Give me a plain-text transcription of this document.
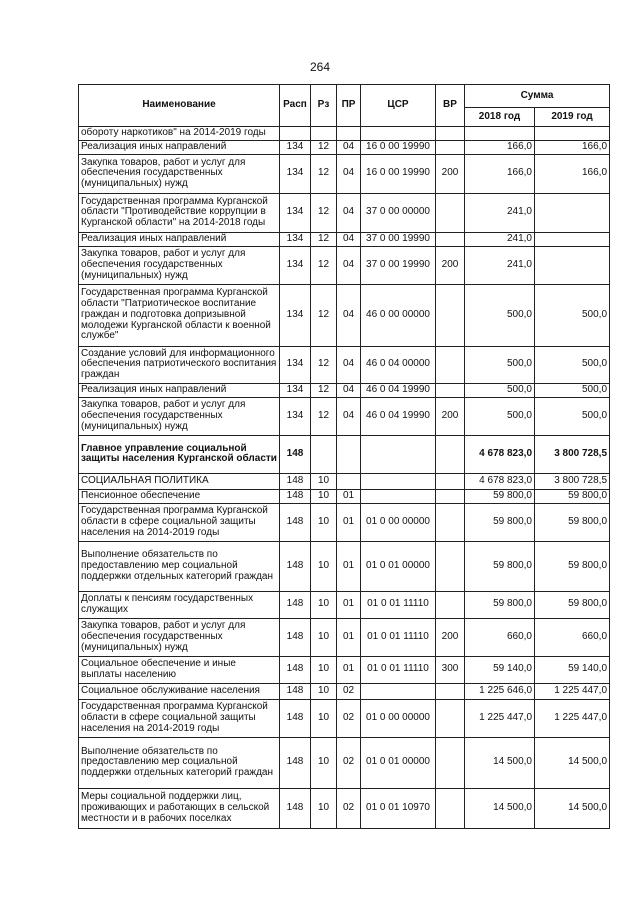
264
Наименование	Расп	Рз	ПР	ЦСР	ВР	Сумма	
						2018 год	2019 год
обороту наркотиков" на 2014-2019 годы							
Реализация иных направлений	134	12	04	16 0 00 19990		166,0	166,0
Закупка товаров, работ и услуг для обеспечения государственных (муниципальных) нужд	134	12	04	16 0 00 19990	200	166,0	166,0
Государственная программа Курганской области "Противодействие коррупции в Курганской области" на 2014-2018 годы	134	12	04	37 0 00 00000		241,0	
Реализация иных направлений	134	12	04	37 0 00 19990		241,0	
Закупка товаров, работ и услуг для обеспечения государственных (муниципальных) нужд	134	12	04	37 0 00 19990	200	241,0	
Государственная программа Курганской области "Патриотическое воспитание граждан и подготовка допризывной молодежи Курганской области к военной службе"	134	12	04	46 0 00 00000		500,0	500,0
Создание условий для информационного обеспечения патриотического воспитания граждан	134	12	04	46 0 04 00000		500,0	500,0
Реализация иных направлений	134	12	04	46 0 04 19990		500,0	500,0
Закупка товаров, работ и услуг для обеспечения государственных (муниципальных) нужд	134	12	04	46 0 04 19990	200	500,0	500,0
Главное управление социальной защиты населения Курганской области	148					4 678 823,0	3 800 728,5
СОЦИАЛЬНАЯ ПОЛИТИКА	148	10				4 678 823,0	3 800 728,5
Пенсионное обеспечение	148	10	01			59 800,0	59 800,0
Государственная программа Курганской области в сфере социальной защиты населения на 2014-2019 годы	148	10	01	01 0 00 00000		59 800,0	59 800,0
Выполнение обязательств по предоставлению мер социальной поддержки отдельных категорий граждан	148	10	01	01 0 01 00000		59 800,0	59 800,0
Доплаты к пенсиям государственных служащих	148	10	01	01 0 01 11110		59 800,0	59 800,0
Закупка товаров, работ и услуг для обеспечения государственных (муниципальных) нужд	148	10	01	01 0 01 11110	200	660,0	660,0
Социальное обеспечение и иные выплаты населению	148	10	01	01 0 01 11110	300	59 140,0	59 140,0
Социальное обслуживание населения	148	10	02			1 225 646,0	1 225 447,0
Государственная программа Курганской области в сфере социальной защиты населения на 2014-2019 годы	148	10	02	01 0 00 00000		1 225 447,0	1 225 447,0
Выполнение обязательств по предоставлению мер социальной поддержки отдельных категорий граждан	148	10	02	01 0 01 00000		14 500,0	14 500,0
Меры социальной поддержки лиц, проживающих и работающих в сельской местности и в рабочих поселках	148	10	02	01 0 01 10970		14 500,0	14 500,0
